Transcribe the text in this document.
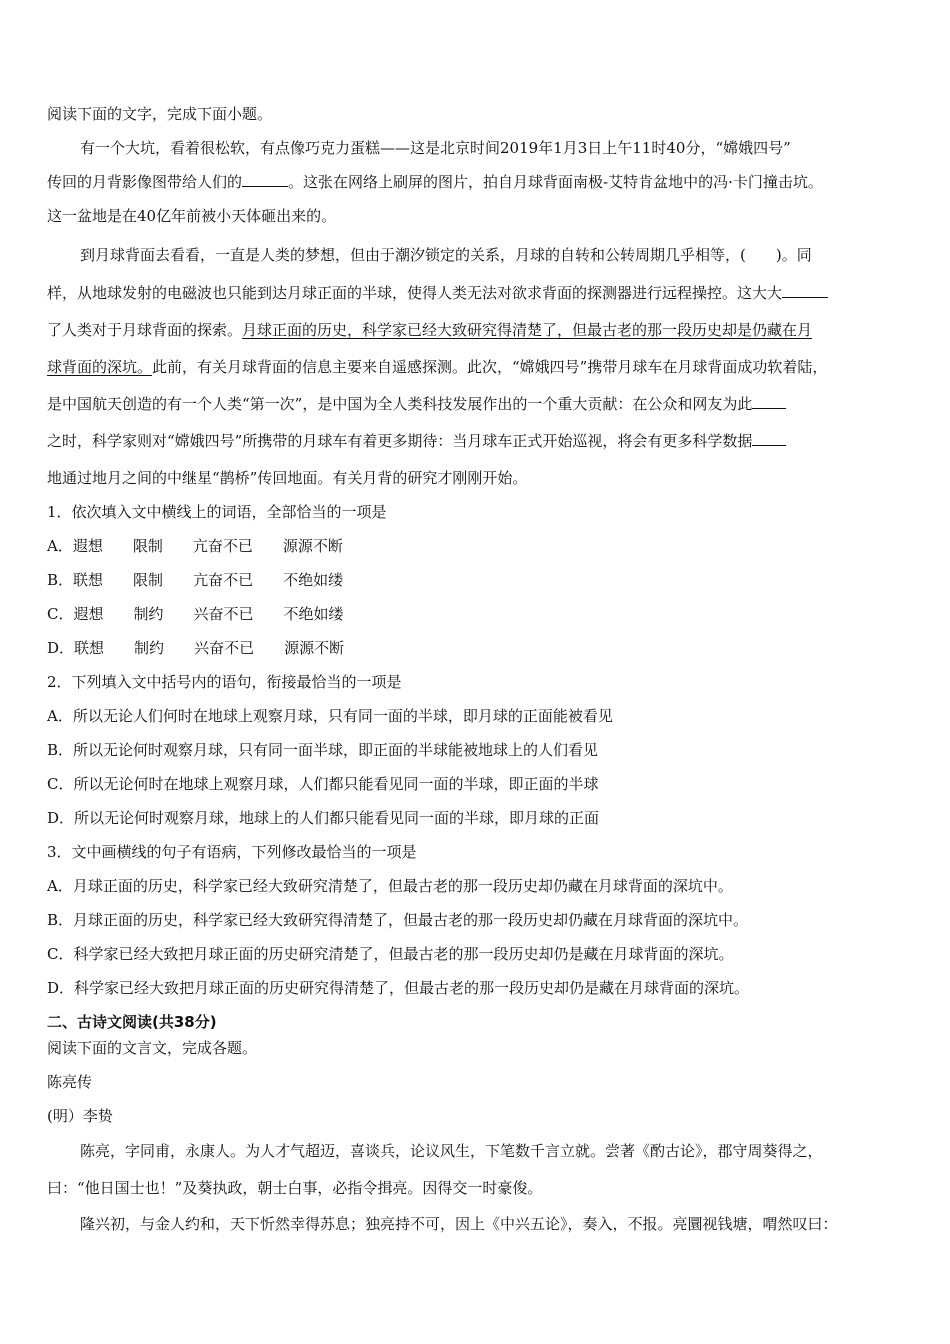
阅读下面的文字，完成下面小题。
有一个大坑，看着很松软，有点像巧克力蛋糕——这是北京时间2019年1月3日上午11时40分，“嫦娥四号”
传回的月背影像图带给人们的	。这张在网络上刷屏的图片，拍自月球背面南极-艾特肯盆地中的冯·卡门撞击坑。
这一盆地是在40亿年前被小天体砸出来的。
到月球背面去看看，一直是人类的梦想，但由于潮汐锁定的关系，月球的自转和公转周期几乎相等，(　　)。同
样，从地球发射的电磁波也只能到达月球正面的半球，使得人类无法对欲求背面的探测器进行远程操控。这大大
了人类对于月球背面的探索。月球正面的历史，科学家已经大致研究得清楚了，但最古老的那一段历史却是仍藏在月
球背面的深坑。此前，有关月球背面的信息主要来自遥感探测。此次，“嫦娥四号”携带月球车在月球背面成功软着陆，
是中国航天创造的有一个人类“第一次”，是中国为全人类科技发展作出的一个重大贡献：在公众和网友为此
之时，科学家则对“嫦娥四号”所携带的月球车有着更多期待：当月球车正式开始巡视，将会有更多科学数据
地通过地月之间的中继星“鹊桥”传回地面。有关月背的研究才刚刚开始。
1．依次填入文中横线上的词语，全部恰当的一项是
A．遐想 限制 亢奋不已 源源不断
B．联想 限制 亢奋不已 不绝如缕
C．遐想 制约 兴奋不已 不绝如缕
D．联想 制约 兴奋不已 源源不断
2．下列填入文中括号内的语句，衔接最恰当的一项是
A．所以无论人们何时在地球上观察月球，只有同一面的半球，即月球的正面能被看见
B．所以无论何时观察月球，只有同一面半球，即正面的半球能被地球上的人们看见
C．所以无论何时在地球上观察月球，人们都只能看见同一面的半球，即正面的半球
D．所以无论何时观察月球，地球上的人们都只能看见同一面的半球，即月球的正面
3．文中画横线的句子有语病，下列修改最恰当的一项是
A．月球正面的历史，科学家已经大致研究清楚了，但最古老的那一段历史却仍藏在月球背面的深坑中。
B．月球正面的历史，科学家已经大致研究得清楚了，但最古老的那一段历史却仍藏在月球背面的深坑中。
C．科学家已经大致把月球正面的历史研究清楚了，但最古老的那一段历史却仍是藏在月球背面的深坑。
D．科学家已经大致把月球正面的历史研究得清楚了，但最古老的那一段历史却仍是藏在月球背面的深坑。
二、古诗文阅读(共38分)
阅读下面的文言文，完成各题。
陈亮传
(明）李贽
陈亮，字同甫，永康人。为人才气超迈，喜谈兵，论议风生，下笔数千言立就。尝著《酌古论》，郡守周葵得之，
曰：“他日国士也！”及葵执政，朝士白事，必指令揖亮。因得交一时豪俊。
隆兴初，与金人约和，天下忻然幸得苏息；独亮持不可，因上《中兴五论》，奏入，不报。亮圜视钱塘，喟然叹曰：
